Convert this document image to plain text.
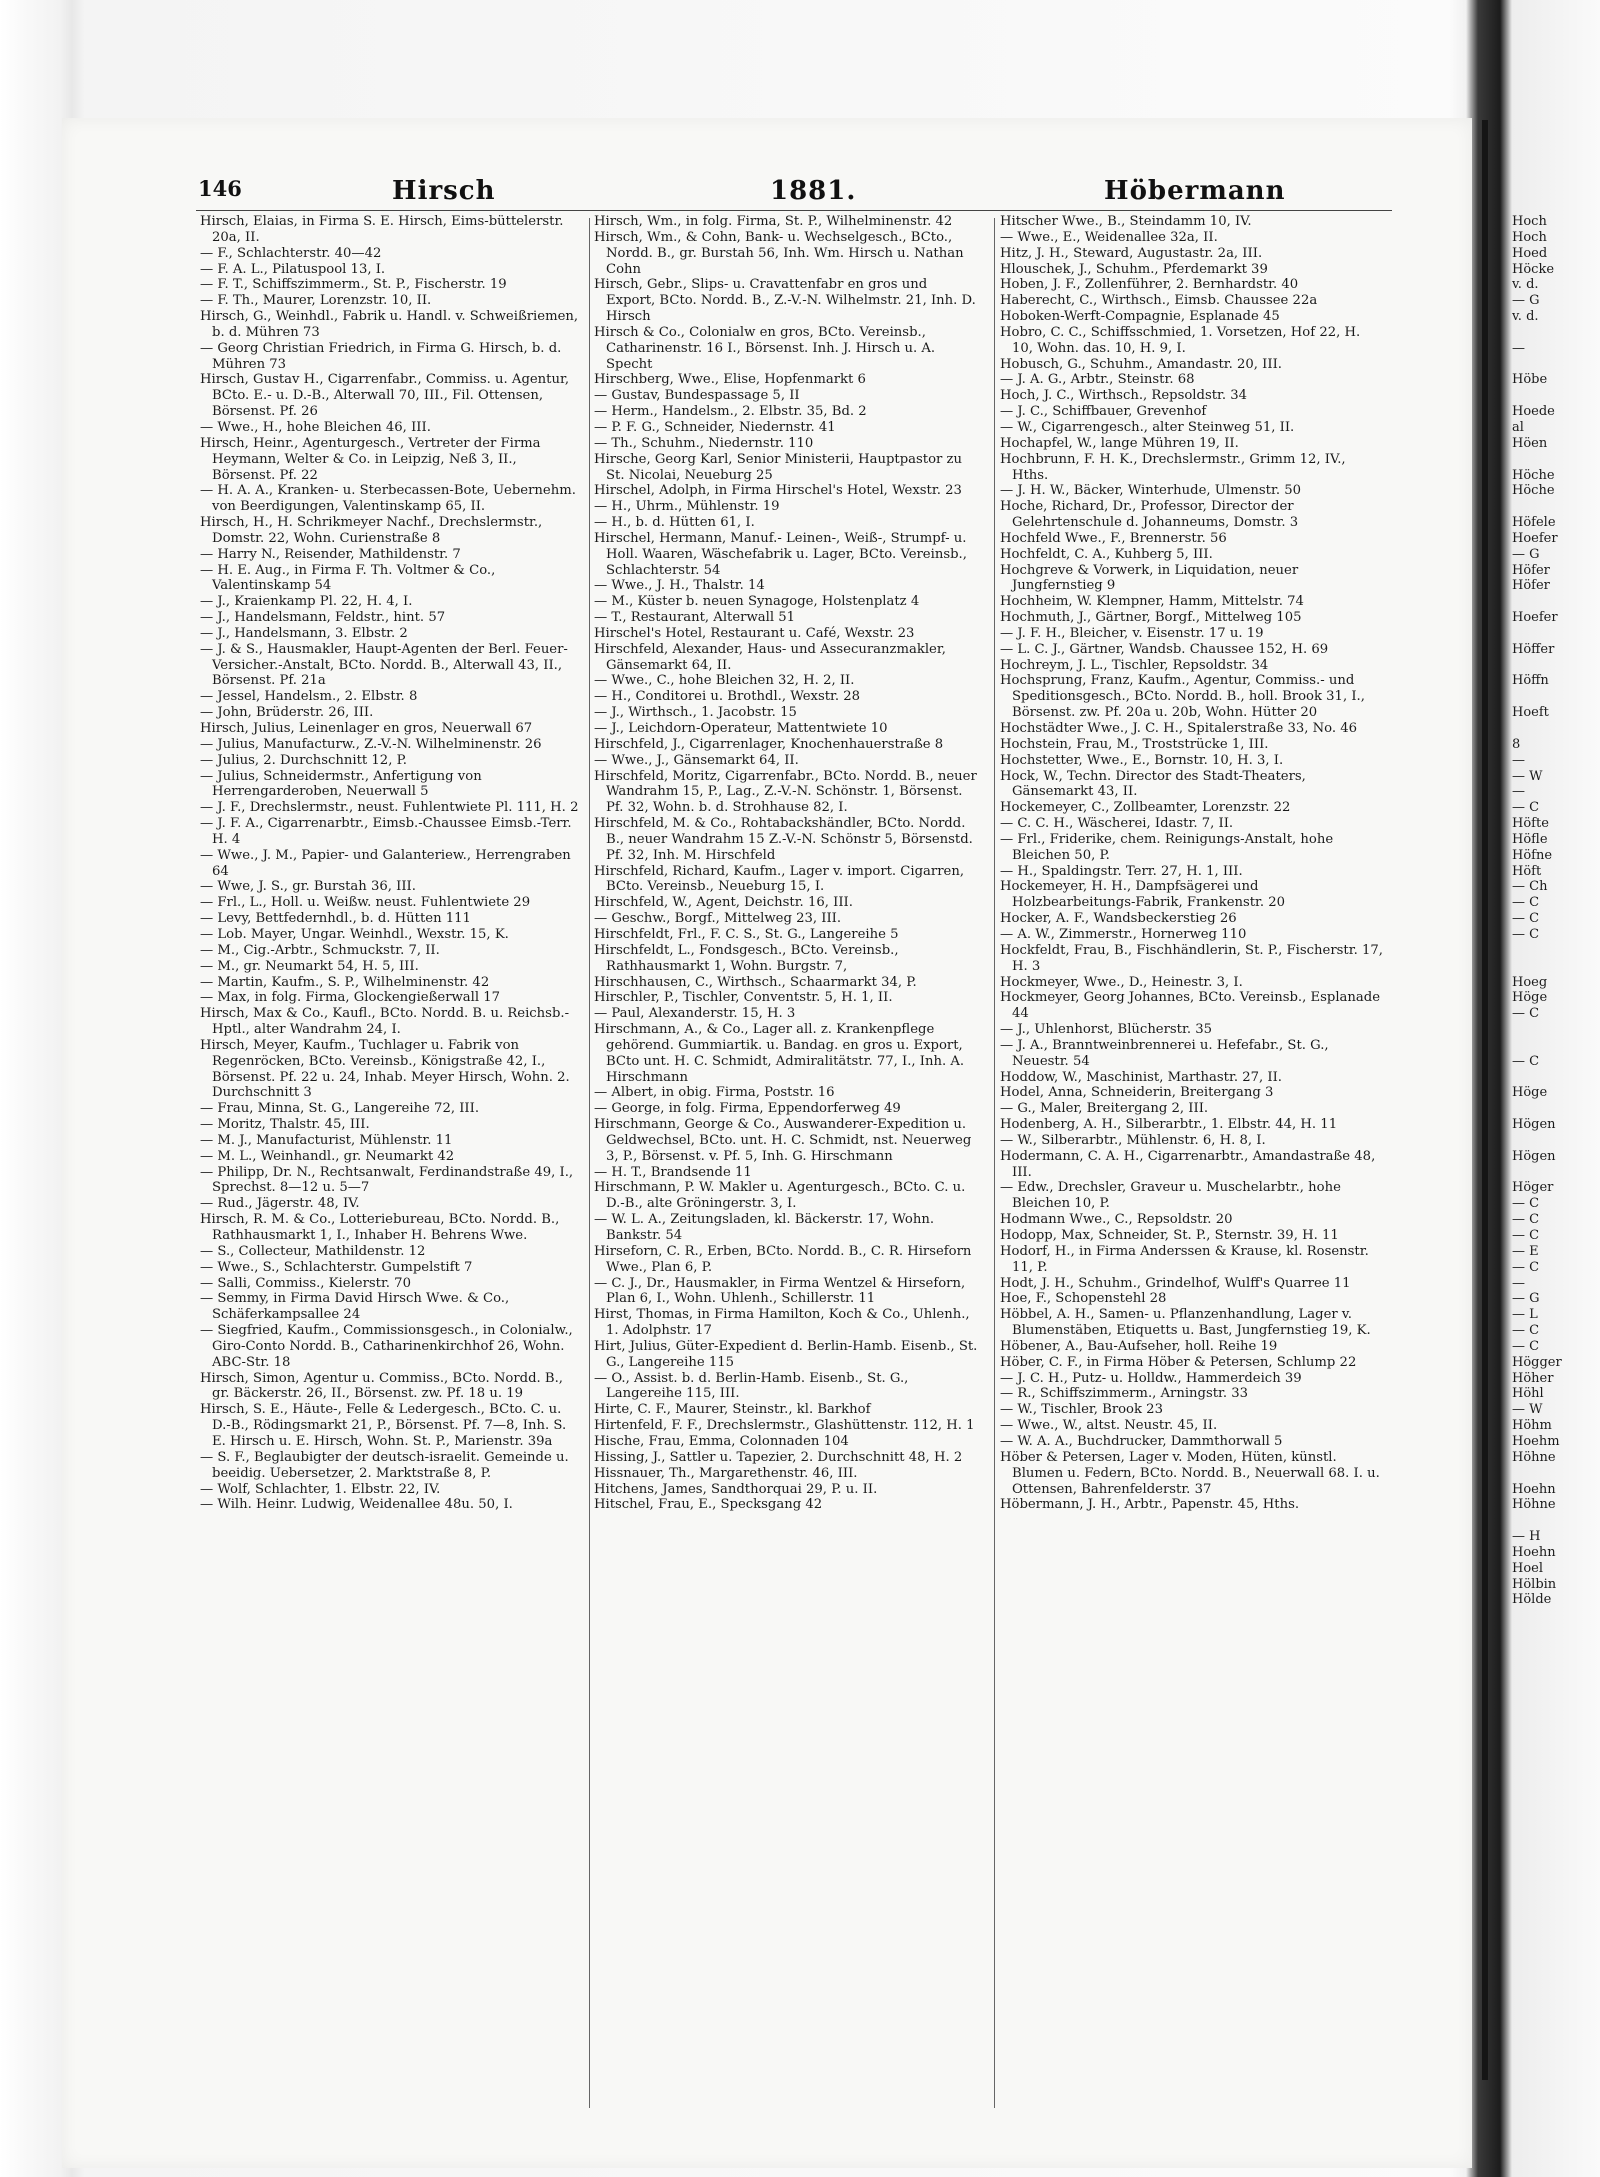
146	Hirsch	1881.	Höbermann

Hirsch, Elaias, in Firma S. E. Hirsch, Eims-büttelerstr. 20a, II.

— F., Schlachterstr. 40—42

— F. A. L., Pilatuspool 13, I.

— F. T., Schiffszimmerm., St. P., Fischerstr. 19

— F. Th., Maurer, Lorenzstr. 10, II.

Hirsch, G., Weinhdl., Fabrik u. Handl. v. Schweißriemen, b. d. Mühren 73

— Georg Christian Friedrich, in Firma G. Hirsch, b. d. Mühren 73

Hirsch, Gustav H., Cigarrenfabr., Commiss. u. Agentur, BCto. E.- u. D.-B., Alterwall 70, III., Fil. Ottensen, Börsenst. Pf. 26

— Wwe., H., hohe Bleichen 46, III.

Hirsch, Heinr., Agenturgesch., Vertreter der Firma Heymann, Welter & Co. in Leipzig, Neß 3, II., Börsenst. Pf. 22

— H. A. A., Kranken- u. Sterbecassen-Bote, Uebernehm. von Beerdigungen, Valentinskamp 65, II.

Hirsch, H., H. Schrikmeyer Nachf., Drechslermstr., Domstr. 22, Wohn. Curienstraße 8

— Harry N., Reisender, Mathildenstr. 7

— H. E. Aug., in Firma F. Th. Voltmer & Co., Valentinskamp 54

— J., Kraienkamp Pl. 22, H. 4, I.

— J., Handelsmann, Feldstr., hint. 57

— J., Handelsmann, 3. Elbstr. 2

— J. & S., Hausmakler, Haupt-Agenten der Berl. Feuer-Versicher.-Anstalt, BCto. Nordd. B., Alterwall 43, II., Börsenst. Pf. 21a

— Jessel, Handelsm., 2. Elbstr. 8

— John, Brüderstr. 26, III.

Hirsch, Julius, Leinenlager en gros, Neuerwall 67

— Julius, Manufacturw., Z.-V.-N. Wilhelminenstr. 26

— Julius, 2. Durchschnitt 12, P.

— Julius, Schneidermstr., Anfertigung von Herrengarderoben, Neuerwall 5

— J. F., Drechslermstr., neust. Fuhlentwiete Pl. 111, H. 2

— J. F. A., Cigarrenarbtr., Eimsb.-Chaussee Eimsb.-Terr. H. 4

— Wwe., J. M., Papier- und Galanteriew., Herrengraben 64

— Wwe, J. S., gr. Burstah 36, III.

— Frl., L., Holl. u. Weißw. neust. Fuhlentwiete 29

— Levy, Bettfedernhdl., b. d. Hütten 111

— Lob. Mayer, Ungar. Weinhdl., Wexstr. 15, K.

— M., Cig.-Arbtr., Schmuckstr. 7, II.

— M., gr. Neumarkt 54, H. 5, III.

— Martin, Kaufm., S. P., Wilhelminenstr. 42

— Max, in folg. Firma, Glockengießerwall 17

Hirsch, Max & Co., Kaufl., BCto. Nordd. B. u. Reichsb.-Hptl., alter Wandrahm 24, I.

Hirsch, Meyer, Kaufm., Tuchlager u. Fabrik von Regenröcken, BCto. Vereinsb., Königstraße 42, I., Börsenst. Pf. 22 u. 24, Inhab. Meyer Hirsch, Wohn. 2. Durchschnitt 3

— Frau, Minna, St. G., Langereihe 72, III.

— Moritz, Thalstr. 45, III.

— M. J., Manufacturist, Mühlenstr. 11

— M. L., Weinhandl., gr. Neumarkt 42

— Philipp, Dr. N., Rechtsanwalt, Ferdinandstraße 49, I., Sprechst. 8—12 u. 5—7

— Rud., Jägerstr. 48, IV.

Hirsch, R. M. & Co., Lotteriebureau, BCto. Nordd. B., Rathhausmarkt 1, I., Inhaber H. Behrens Wwe.

— S., Collecteur, Mathildenstr. 12

— Wwe., S., Schlachterstr. Gumpelstift 7

— Salli, Commiss., Kielerstr. 70

— Semmy, in Firma David Hirsch Wwe. & Co., Schäferkampsallee 24

— Siegfried, Kaufm., Commissionsgesch., in Colonialw., Giro-Conto Nordd. B., Catharinenkirchhof 26, Wohn. ABC-Str. 18

Hirsch, Simon, Agentur u. Commiss., BCto. Nordd. B., gr. Bäckerstr. 26, II., Börsenst. zw. Pf. 18 u. 19

Hirsch, S. E., Häute-, Felle & Ledergesch., BCto. C. u. D.-B., Rödingsmarkt 21, P., Börsenst. Pf. 7—8, Inh. S. E. Hirsch u. E. Hirsch, Wohn. St. P., Marienstr. 39a

— S. F., Beglaubigter der deutsch-israelit. Gemeinde u. beeidig. Uebersetzer, 2. Marktstraße 8, P.

— Wolf, Schlachter, 1. Elbstr. 22, IV.

— Wilh. Heinr. Ludwig, Weidenallee 48u. 50, I.

Hirsch, Wm., in folg. Firma, St. P., Wilhelminenstr. 42

Hirsch, Wm., & Cohn, Bank- u. Wechselgesch., BCto., Nordd. B., gr. Burstah 56, Inh. Wm. Hirsch u. Nathan Cohn

Hirsch, Gebr., Slips- u. Cravattenfabr en gros und Export, BCto. Nordd. B., Z.-V.-N. Wilhelmstr. 21, Inh. D. Hirsch

Hirsch & Co., Colonialw en gros, BCto. Vereinsb., Catharinenstr. 16 I., Börsenst. Inh. J. Hirsch u. A. Specht

Hirschberg, Wwe., Elise, Hopfenmarkt 6

— Gustav, Bundespassage 5, II

— Herm., Handelsm., 2. Elbstr. 35, Bd. 2

— P. F. G., Schneider, Niedernstr. 41

— Th., Schuhm., Niedernstr. 110

Hirsche, Georg Karl, Senior Ministerii, Hauptpastor zu St. Nicolai, Neueburg 25

Hirschel, Adolph, in Firma Hirschel's Hotel, Wexstr. 23

— H., Uhrm., Mühlenstr. 19

— H., b. d. Hütten 61, I.

Hirschel, Hermann, Manuf.- Leinen-, Weiß-, Strumpf- u. Holl. Waaren, Wäschefabrik u. Lager, BCto. Vereinsb., Schlachterstr. 54

— Wwe., J. H., Thalstr. 14

— M., Küster b. neuen Synagoge, Holstenplatz 4

— T., Restaurant, Alterwall 51

Hirschel's Hotel, Restaurant u. Café, Wexstr. 23

Hirschfeld, Alexander, Haus- und Assecuranzmakler, Gänsemarkt 64, II.

— Wwe., C., hohe Bleichen 32, H. 2, II.

— H., Conditorei u. Brothdl., Wexstr. 28

— J., Wirthsch., 1. Jacobstr. 15

— J., Leichdorn-Operateur, Mattentwiete 10

Hirschfeld, J., Cigarrenlager, Knochenhauerstraße 8

— Wwe., J., Gänsemarkt 64, II.

Hirschfeld, Moritz, Cigarrenfabr., BCto. Nordd. B., neuer Wandrahm 15, P., Lag., Z.-V.-N. Schönstr. 1, Börsenst. Pf. 32, Wohn. b. d. Strohhause 82, I.

Hirschfeld, M. & Co., Rohtabackshändler, BCto. Nordd. B., neuer Wandrahm 15 Z.-V.-N. Schönstr 5, Börsenstd. Pf. 32, Inh. M. Hirschfeld

Hirschfeld, Richard, Kaufm., Lager v. import. Cigarren, BCto. Vereinsb., Neueburg 15, I.

Hirschfeld, W., Agent, Deichstr. 16, III.

— Geschw., Borgf., Mittelweg 23, III.

Hirschfeldt, Frl., F. C. S., St. G., Langereihe 5

Hirschfeldt, L., Fondsgesch., BCto. Vereinsb., Rathhausmarkt 1, Wohn. Burgstr. 7,

Hirschhausen, C., Wirthsch., Schaarmarkt 34, P.

Hirschler, P., Tischler, Conventstr. 5, H. 1, II.

— Paul, Alexanderstr. 15, H. 3

Hirschmann, A., & Co., Lager all. z. Krankenpflege gehörend. Gummiartik. u. Bandag. en gros u. Export, BCto unt. H. C. Schmidt, Admiralitätstr. 77, I., Inh. A. Hirschmann

— Albert, in obig. Firma, Poststr. 16

— George, in folg. Firma, Eppendorferweg 49

Hirschmann, George & Co., Auswanderer-Expedition u. Geldwechsel, BCto. unt. H. C. Schmidt, nst. Neuerweg 3, P., Börsenst. v. Pf. 5, Inh. G. Hirschmann

— H. T., Brandsende 11

Hirschmann, P. W. Makler u. Agenturgesch., BCto. C. u. D.-B., alte Gröningerstr. 3, I.

— W. L. A., Zeitungsladen, kl. Bäckerstr. 17, Wohn. Bankstr. 54

Hirseforn, C. R., Erben, BCto. Nordd. B., C. R. Hirseforn Wwe., Plan 6, P.

— C. J., Dr., Hausmakler, in Firma Wentzel & Hirseforn, Plan 6, I., Wohn. Uhlenh., Schillerstr. 11

Hirst, Thomas, in Firma Hamilton, Koch & Co., Uhlenh., 1. Adolphstr. 17

Hirt, Julius, Güter-Expedient d. Berlin-Hamb. Eisenb., St. G., Langereihe 115

— O., Assist. b. d. Berlin-Hamb. Eisenb., St. G., Langereihe 115, III.

Hirte, C. F., Maurer, Steinstr., kl. Barkhof

Hirtenfeld, F. F., Drechslermstr., Glashüttenstr. 112, H. 1

Hische, Frau, Emma, Colonnaden 104

Hissing, J., Sattler u. Tapezier, 2. Durchschnitt 48, H. 2

Hissnauer, Th., Margarethenstr. 46, III.

Hitchens, James, Sandthorquai 29, P. u. II.

Hitschel, Frau, E., Specksgang 42

Hitscher Wwe., B., Steindamm 10, IV.

— Wwe., E., Weidenallee 32a, II.

Hitz, J. H., Steward, Augustastr. 2a, III.

Hlouschek, J., Schuhm., Pferdemarkt 39

Hoben, J. F., Zollenführer, 2. Bernhardstr. 40

Haberecht, C., Wirthsch., Eimsb. Chaussee 22a

Hoboken-Werft-Compagnie, Esplanade 45

Hobro, C. C., Schiffsschmied, 1. Vorsetzen, Hof 22, H. 10, Wohn. das. 10, H. 9, I.

Hobusch, G., Schuhm., Amandastr. 20, III.

— J. A. G., Arbtr., Steinstr. 68

Hoch, J. C., Wirthsch., Repsoldstr. 34

— J. C., Schiffbauer, Grevenhof

— W., Cigarrengesch., alter Steinweg 51, II.

Hochapfel, W., lange Mühren 19, II.

Hochbrunn, F. H. K., Drechslermstr., Grimm 12, IV., Hths.

— J. H. W., Bäcker, Winterhude, Ulmenstr. 50

Hoche, Richard, Dr., Professor, Director der Gelehrtenschule d. Johanneums, Domstr. 3

Hochfeld Wwe., F., Brennerstr. 56

Hochfeldt, C. A., Kuhberg 5, III.

Hochgreve & Vorwerk, in Liquidation, neuer Jungfernstieg 9

Hochheim, W. Klempner, Hamm, Mittelstr. 74

Hochmuth, J., Gärtner, Borgf., Mittelweg 105

— J. F. H., Bleicher, v. Eisenstr. 17 u. 19

— L. C. J., Gärtner, Wandsb. Chaussee 152, H. 69

Hochreym, J. L., Tischler, Repsoldstr. 34

Hochsprung, Franz, Kaufm., Agentur, Commiss.- und Speditionsgesch., BCto. Nordd. B., holl. Brook 31, I., Börsenst. zw. Pf. 20a u. 20b, Wohn. Hütter 20

Hochstädter Wwe., J. C. H., Spitalerstraße 33, No. 46

Hochstein, Frau, M., Troststrücke 1, III.

Hochstetter, Wwe., E., Bornstr. 10, H. 3, I.

Hock, W., Techn. Director des Stadt-Theaters, Gänsemarkt 43, II.

Hockemeyer, C., Zollbeamter, Lorenzstr. 22

— C. C. H., Wäscherei, Idastr. 7, II.

— Frl., Friderike, chem. Reinigungs-Anstalt, hohe Bleichen 50, P.

— H., Spaldingstr. Terr. 27, H. 1, III.

Hockemeyer, H. H., Dampfsägerei und Holzbearbeitungs-Fabrik, Frankenstr. 20

Hocker, A. F., Wandsbeckerstieg 26

— A. W., Zimmerstr., Hornerweg 110

Hockfeldt, Frau, B., Fischhändlerin, St. P., Fischerstr. 17, H. 3

Hockmeyer, Wwe., D., Heinestr. 3, I.

Hockmeyer, Georg Johannes, BCto. Vereinsb., Esplanade 44

— J., Uhlenhorst, Blücherstr. 35

— J. A., Branntweinbrennerei u. Hefefabr., St. G., Neuestr. 54

Hoddow, W., Maschinist, Marthastr. 27, II.

Hodel, Anna, Schneiderin, Breitergang 3

— G., Maler, Breitergang 2, III.

Hodenberg, A. H., Silberarbtr., 1. Elbstr. 44, H. 11

— W., Silberarbtr., Mühlenstr. 6, H. 8, I.

Hodermann, C. A. H., Cigarrenarbtr., Amandastraße 48, III.

— Edw., Drechsler, Graveur u. Muschelarbtr., hohe Bleichen 10, P.

Hodmann Wwe., C., Repsoldstr. 20

Hodopp, Max, Schneider, St. P., Sternstr. 39, H. 11

Hodorf, H., in Firma Anderssen & Krause, kl. Rosenstr. 11, P.

Hodt, J. H., Schuhm., Grindelhof, Wulff's Quarree 11

Hoe, F., Schopenstehl 28

Höbbel, A. H., Samen- u. Pflanzenhandlung, Lager v. Blumenstäben, Etiquetts u. Bast, Jungfernstieg 19, K.

Höbener, A., Bau-Aufseher, holl. Reihe 19

Höber, C. F., in Firma Höber & Petersen, Schlump 22

— J. C. H., Putz- u. Holldw., Hammerdeich 39

— R., Schiffszimmerm., Arningstr. 33

— W., Tischler, Brook 23

— Wwe., W., altst. Neustr. 45, II.

— W. A. A., Buchdrucker, Dammthorwall 5

Höber & Petersen, Lager v. Moden, Hüten, künstl. Blumen u. Federn, BCto. Nordd. B., Neuerwall 68. I. u. Ottensen, Bahrenfelderstr. 37

Höbermann, J. H., Arbtr., Papenstr. 45, Hths.

Hoch
Hoch
Hoed
Höcke
v. d.
— G
v. d.

—

Höbe

Hoede
al
Höen

Höche
Höche

Höfele
Hoefer
— G
Höfer
Höfer

Hoefer

Höffer

Höffn

Hoeft

8
—
— W
—
— C
Höfte
Höfle
Höfne
Höft
— Ch
— C
— C
— C

Hoeg
Höge
— C

— C

Höge

Högen

Högen

Höger
— C
— C
— C
— E
— C
—
— G
— L
— C
— C
Högger
Höher
Höhl
— W
Höhm
Hoehm
Höhne

Hoehn
Höhne

— H
Hoehn
Hoel
Hölbin
Hölde
